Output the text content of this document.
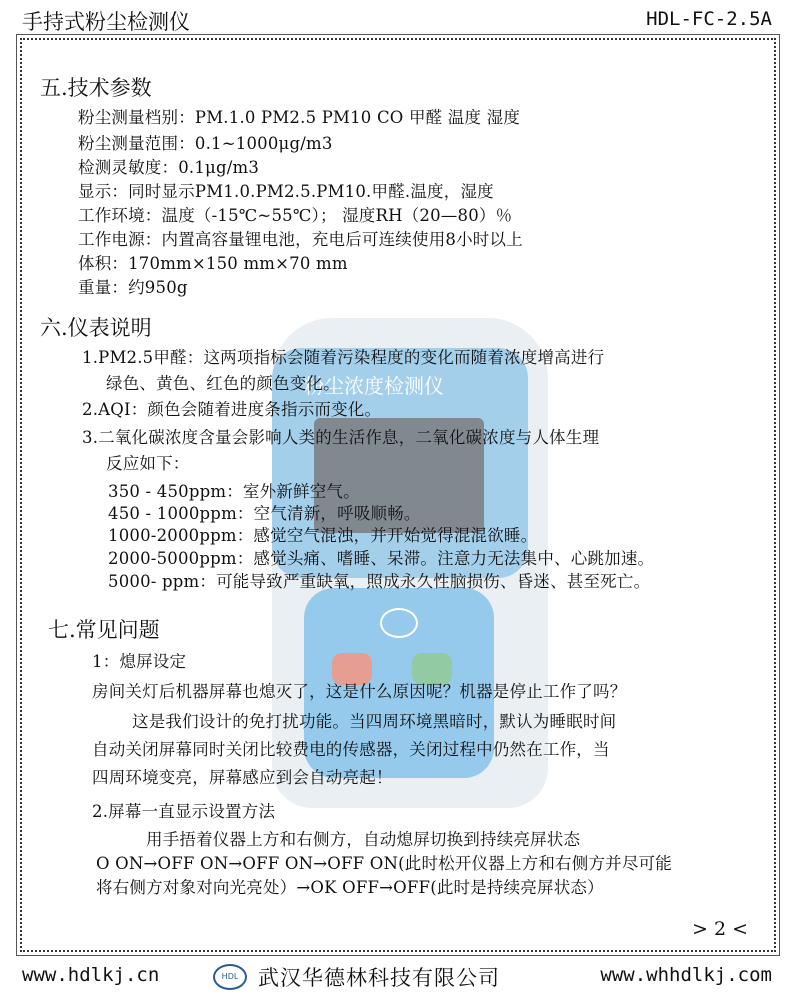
手持式粉尘检测仪	HDL-FC-2.5A
粉尘浓度检测仪
五.技术参数
粉尘测量档别：PM.1.0 PM2.5 PM10 CO 甲醛 温度 湿度
粉尘测量范围：0.1~1000μg/m3
检测灵敏度：0.1μg/m3
显示：同时显示PM1.0.PM2.5.PM10.甲醛.温度，湿度
工作环境：温度（-15℃~55℃）； 湿度RH（20—80）％
工作电源：内置高容量锂电池，充电后可连续使用8小时以上
体积：170mm×150 mm×70 mm
重量：约950g
六.仪表说明
1.PM2.5甲醛：这两项指标会随着污染程度的变化而随着浓度增高进行
绿色、黄色、红色的颜色变化。
2.AQI：颜色会随着进度条指示而变化。
3.二氧化碳浓度含量会影响人类的生活作息，二氧化碳浓度与人体生理
反应如下：
350 - 450ppm：室外新鲜空气。
450 - 1000ppm：空气清新，呼吸顺畅。
1000-2000ppm：感觉空气混浊，并开始觉得混混欲睡。
2000-5000ppm：感觉头痛、嗜睡、呆滞。注意力无法集中、心跳加速。
5000- ppm：可能导致严重缺氧，照成永久性脑损伤、昏迷、甚至死亡。
七.常见问题
1：熄屏设定
房间关灯后机器屏幕也熄灭了，这是什么原因呢？机器是停止工作了吗？
这是我们设计的免打扰功能。当四周环境黑暗时，默认为睡眠时间
自动关闭屏幕同时关闭比较费电的传感器，关闭过程中仍然在工作，当
四周环境变亮，屏幕感应到会自动亮起！
2.屏幕一直显示设置方法
用手捂着仪器上方和右侧方，自动熄屏切换到持续亮屏状态
O ON→OFF ON→OFF ON→OFF ON(此时松开仪器上方和右侧方并尽可能
将右侧方对象对向光亮处）→OK OFF→OFF(此时是持续亮屏状态）
> 2 <
www.hdlkj.cn	HDL 武汉华德林科技有限公司	www.whhdlkj.com
